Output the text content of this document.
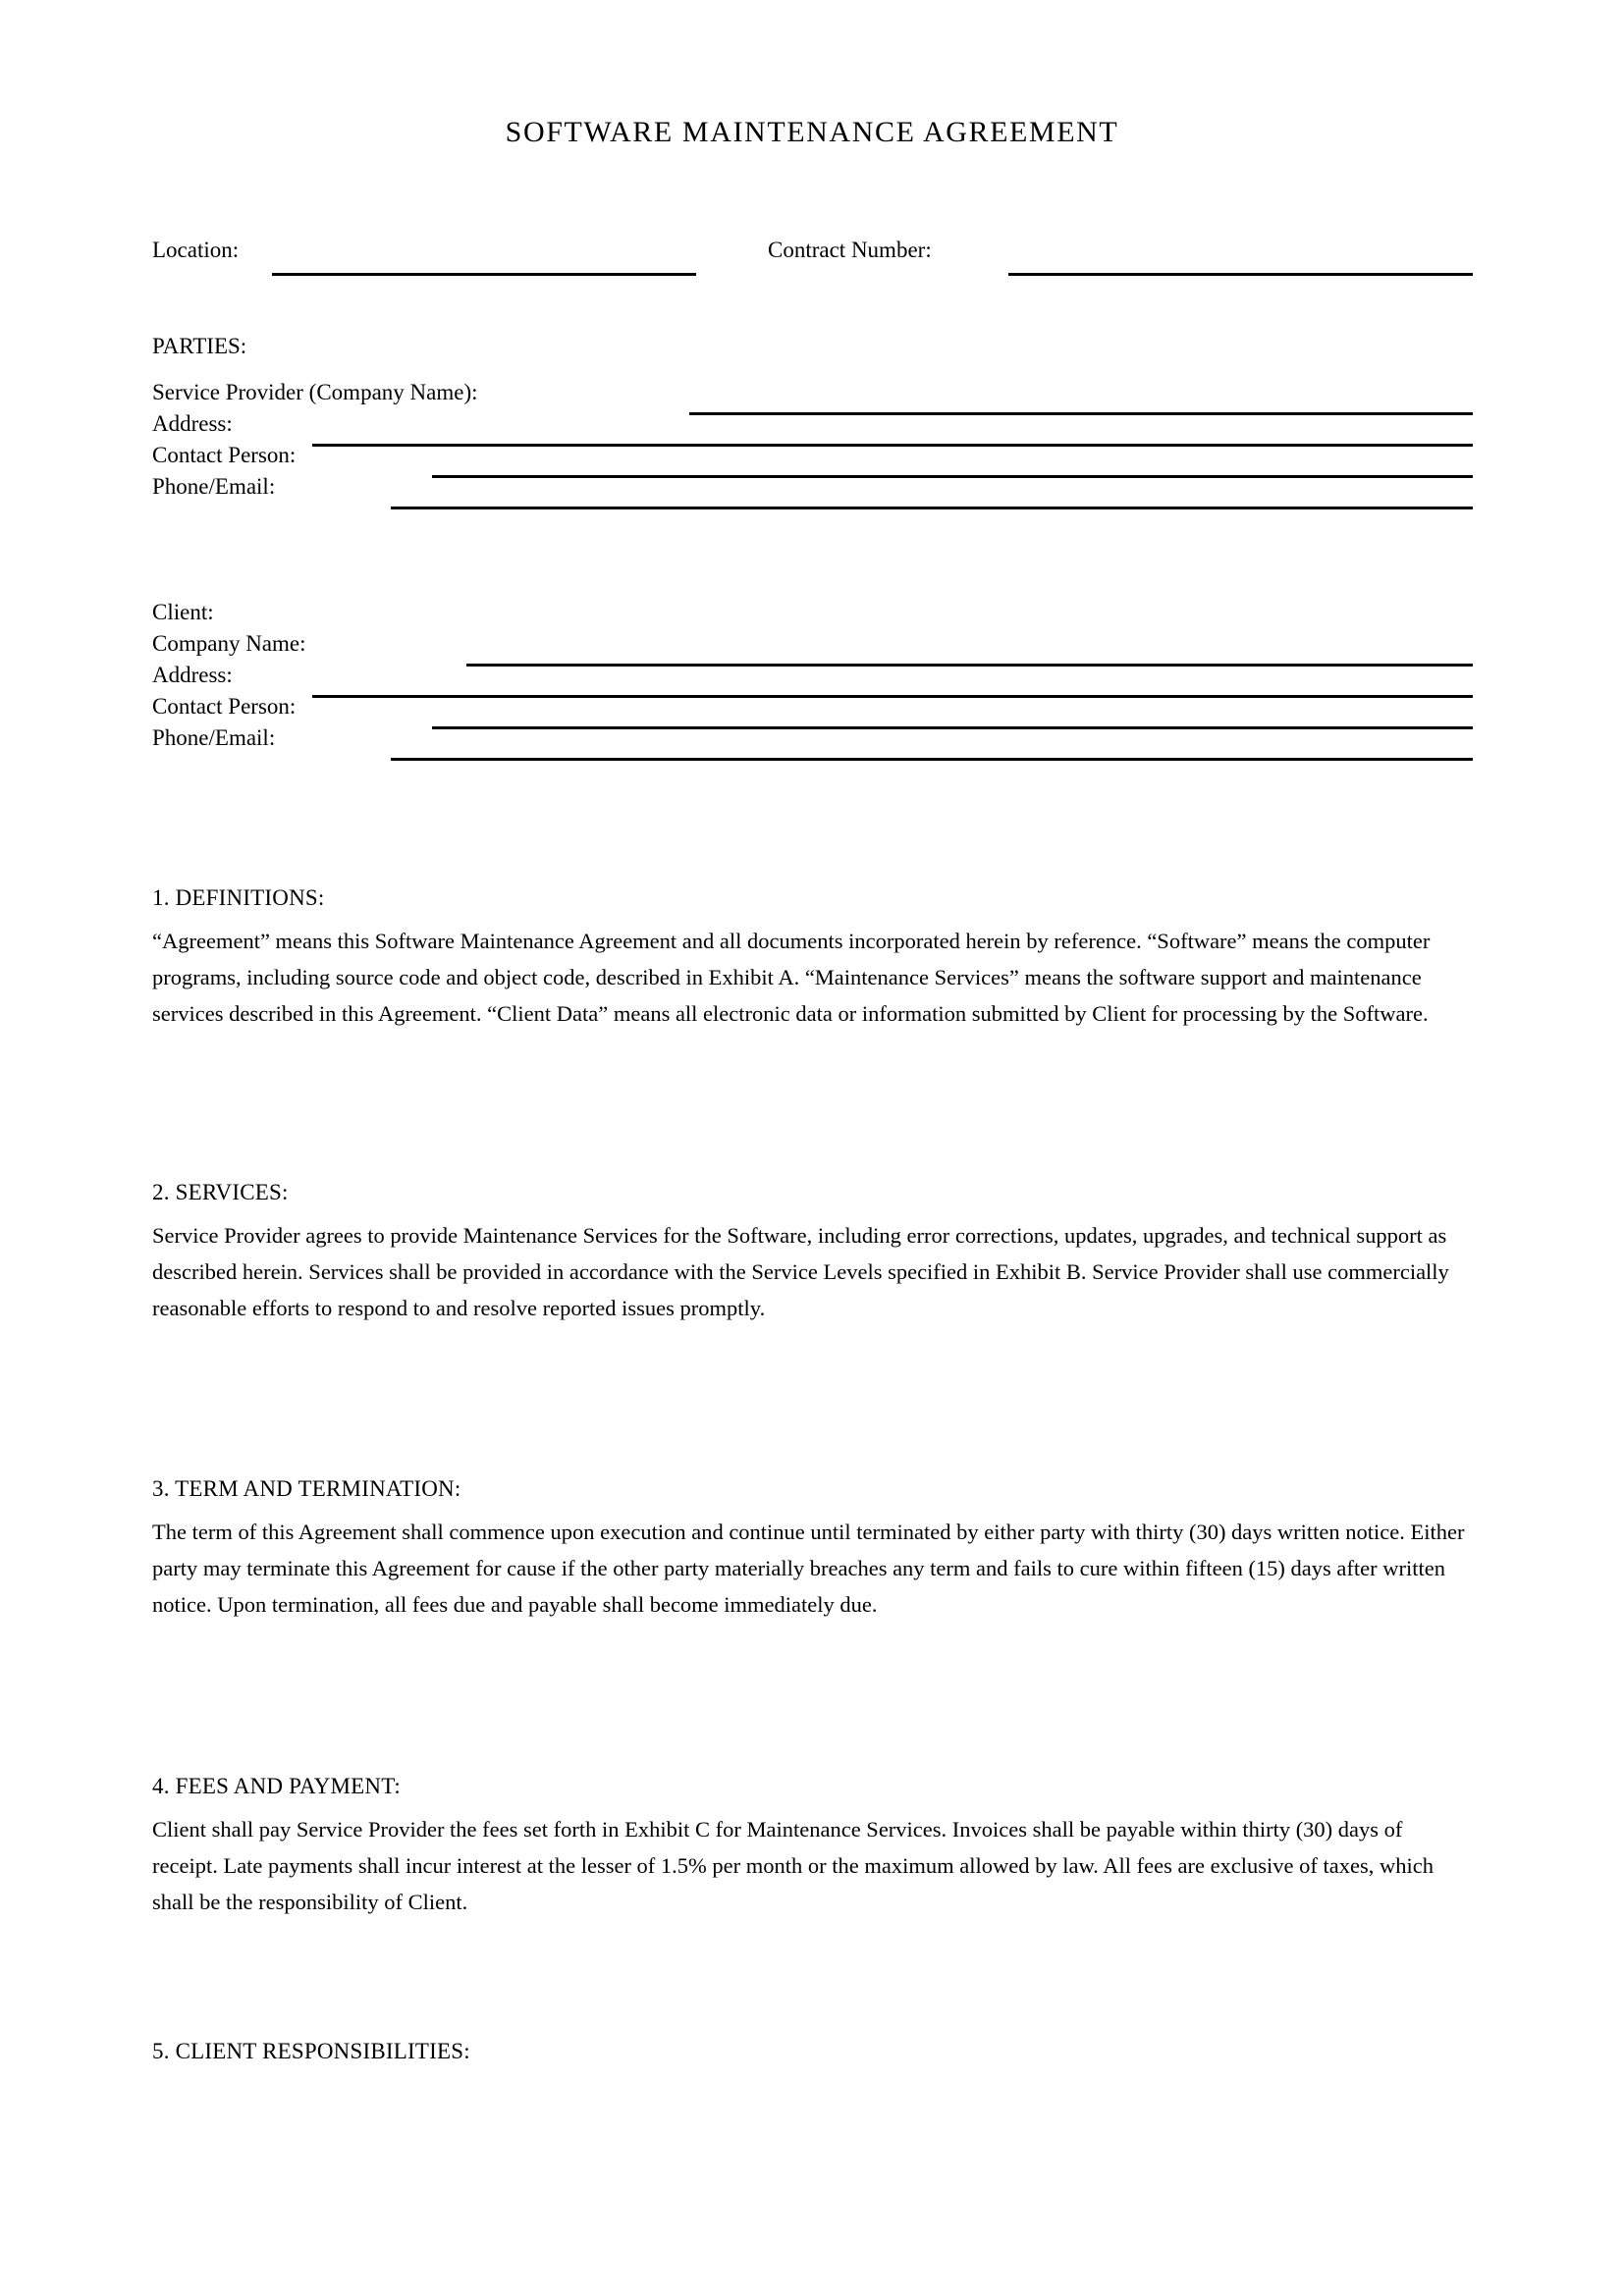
SOFTWARE MAINTENANCE AGREEMENT
Location:	Contract Number:
PARTIES:
Service Provider (Company Name):
Address:
Contact Person:
Phone/Email:
Client:
Company Name:
Address:
Contact Person:
Phone/Email:
1. DEFINITIONS:
“Agreement” means this Software Maintenance Agreement and all documents incorporated herein by reference. “Software” means the computer programs, including source code and object code, described in Exhibit A. “Maintenance Services” means the software support and maintenance services described in this Agreement. “Client Data” means all electronic data or information submitted by Client for processing by the Software.
2. SERVICES:
Service Provider agrees to provide Maintenance Services for the Software, including error corrections, updates, upgrades, and technical support as described herein. Services shall be provided in accordance with the Service Levels specified in Exhibit B. Service Provider shall use commercially reasonable efforts to respond to and resolve reported issues promptly.
3. TERM AND TERMINATION:
The term of this Agreement shall commence upon execution and continue until terminated by either party with thirty (30) days written notice. Either party may terminate this Agreement for cause if the other party materially breaches any term and fails to cure within fifteen (15) days after written notice. Upon termination, all fees due and payable shall become immediately due.
4. FEES AND PAYMENT:
Client shall pay Service Provider the fees set forth in Exhibit C for Maintenance Services. Invoices shall be payable within thirty (30) days of receipt. Late payments shall incur interest at the lesser of 1.5% per month or the maximum allowed by law. All fees are exclusive of taxes, which shall be the responsibility of Client.
5. CLIENT RESPONSIBILITIES:
